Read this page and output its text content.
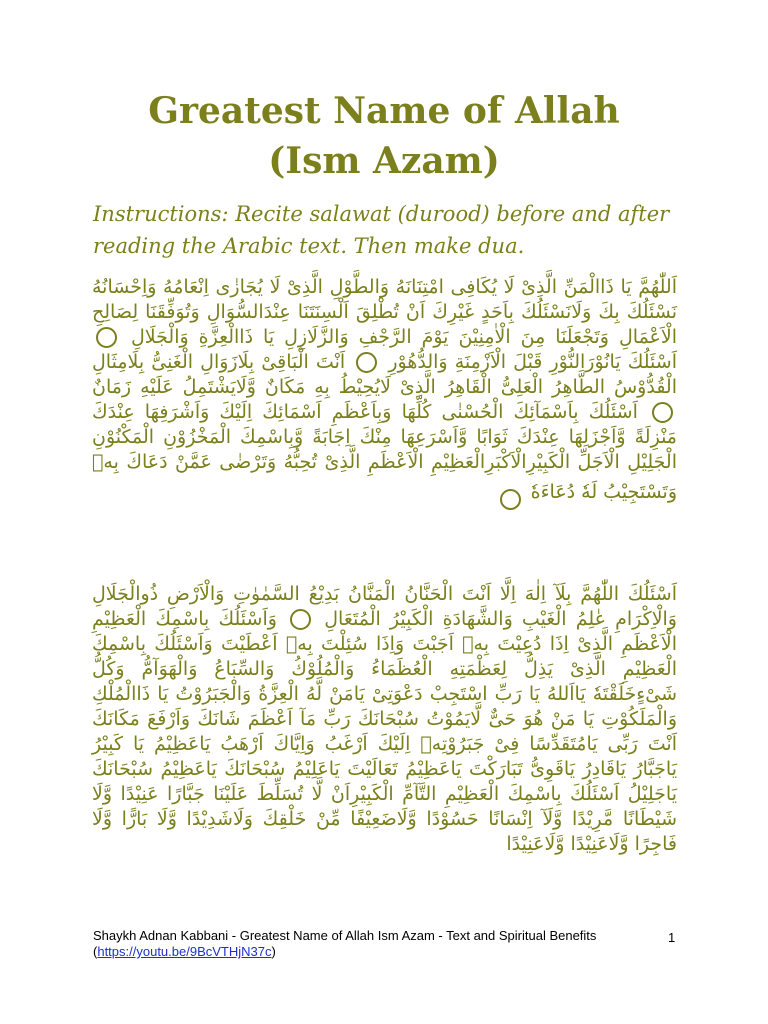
Greatest Name of Allah
(Ism Azam)
Instructions: Recite salawat (durood) before and after reading the Arabic text. Then make dua.
اَللّٰهُمَّ يَا ذَاالْمَنِّ الَّذِىْ لَا يُكَافِى امْتِنَانَهُ وَالطَّوْلِ الَّذِىْ لَا يُجَازٰى اِنْعَامُهُ وَاِحْسَانُهُ نَسْئَلُكَ بِكَ وَلَانَسْئَلُكَ بِاَحَدٍ غَيْرِكَ اَنْ تُطْلِقَ اَلْسِنَتَنَا عِنْدَالسُّوَالِ وَتُوَفِّقَنَا لِصَالِحِ الْاَعْمَالِ وَتَجْعَلَنَا مِنَ الْاٰمِنِيْنَ يَوْمَ الرَّجْفِ وَالزَّلَازِلِ يَا ذَاالْعِزَّةِ وَالْجَلَالِ  اَسْئَلُكَ يَانُوْرَالنُّوْرِ قَبْلَ الْاَزْمِنَةِ وَالدُّهُوْرِ  اَنْتَ الْبَاقِىْ بِلَازَوَالِ الْغَنِىُّ بِلَامِثَالِ الْقُدُّوْسُ الطَّاهِرُ الْعَلِىُّ الْقَاهِرُ الَّذِىْ لَايُحِيْطُ بِهِ مَكَانٌ وَّلَايَشْتَمِلُ عَلَيْهِ زَمَانٌ  اَسْئَلُكَ بِاَسْمَآئِكَ الْحُسْنٰى كُلِّهَا وَبِاَعْظَمِ اَسْمَائِكَ اِلَيْكَ وَاَشْرَفِهَا عِنْدَكَ مَنْزِلَةً وَّاَجْزَلِهَا عِنْدَكَ ثَوَابًا وَّاَسْرَعِهَا مِنْكَ اِجَابَةً وَّبِاسْمِكَ الْمَخْزُوْنِ الْمَكْنُوْنِ الْجَلِيْلِ الْاَجَلِّ الْكَبِيْرِالْاَكْبَرِالْعَظِيْمِ الْاَعْظَمِ الَّذِىْ تُحِبُّهُ وَتَرْضٰى عَمَّنْ دَعَاكَ بِهٖ وَتَسْتَجِيْبُ لَهٗ دُعَاءَهٗ
اَسْئَلُكَ اللّٰهُمَّ بِلَآ اِلٰهَ اِلَّا اَنْتَ الْحَنَّانُ الْمَنَّانُ بَدِيْعُ السَّمٰوٰتِ وَالْاَرْضِ ذُوالْجَلَالِ وَالْاِكْرَامِ عٰلِمُ الْغَيْبِ وَالشَّهَادَةِ الْكَبِيْرُ الْمُتَعَالِ  وَاَسْئَلُكَ بِاسْمِكَ الْعَظِيْمِ الْاَعْظَمِ الَّذِىْ اِذَا دُعِيْتَ بِهٖ اَجَبْتَ وَاِذَا سُئِلْتَ بِهٖ اَعْطَيْتَ وَاَسْئَلُكَ بِاسْمِكَ الْعَظِيْمِ الَّذِىْ يَذِلُّ لِعَظْمَتِهِ الْعُظَمَاءُ وَالْمُلُوْكُ وَالسِّبَاعُ وَالْهَوَآمُّ وَكُلُّ شَىْءٍخَلَقْتَهٗ يَااَللهُ يَا رَبِّ اسْتَجِبْ دَعْوَتِىْ يَامَنْ لَّهُ الْعِزَّةُ وَالْجَبَرُوْتُ يَا ذَاالْمُلْكِ وَالْمَلَكُوْتِ يَا مَنْ هُوَ حَىٌّ لَّايَمُوْتُ سُبْحَانَكَ رَبِّ مَآ اَعْظَمَ شَانَكَ وَاَرْفَعَ مَكَانَكَ اَنْتَ رَبِّى يَامُتَقَدِّسًا فِىْ جَبَرُوْتِهٖ اِلَيْكَ اَرْغَبُ وَاِيَّاكَ اَرْهَبُ يَاعَظِيْمُ يَا كَبِيْرُ يَاجَبَّارُ يَاقَادِرُ يَاقَوِىُّ تَبَارَكْتَ يَاعَظِيْمُ تَعَالَيْتَ يَاعَلِيْمُ سُبْحَانَكَ يَاعَظِيْمُ سُبْحَانَكَ يَاجَلِيْلُ اَسْئَلُكَ بِاسْمِكَ الْعَظِيْمِ التَّآمِّ الْكَبِيْرِاَنْ لَّا تُسَلِّطَ عَلَيْنَا جَبَّارًا عَنِيْدًا وَّلَا شَيْطَانًا مَّرِيْدًا وَّلَآ اِنْسَانًا حَسُوْدًا وَّلَاضَعِيْفًا مِّنْ خَلْقِكَ وَلَاشَدِيْدًا وَّلَا بَارًّا وَّلَا فَاجِرًا وَّلَاعَنِيْدًا وَّلَاعَنِيْدًا
Shaykh Adnan Kabbani - Greatest Name of Allah Ism Azam - Text and Spiritual Benefits (https://youtu.be/9BcVTHjN37c)
1
